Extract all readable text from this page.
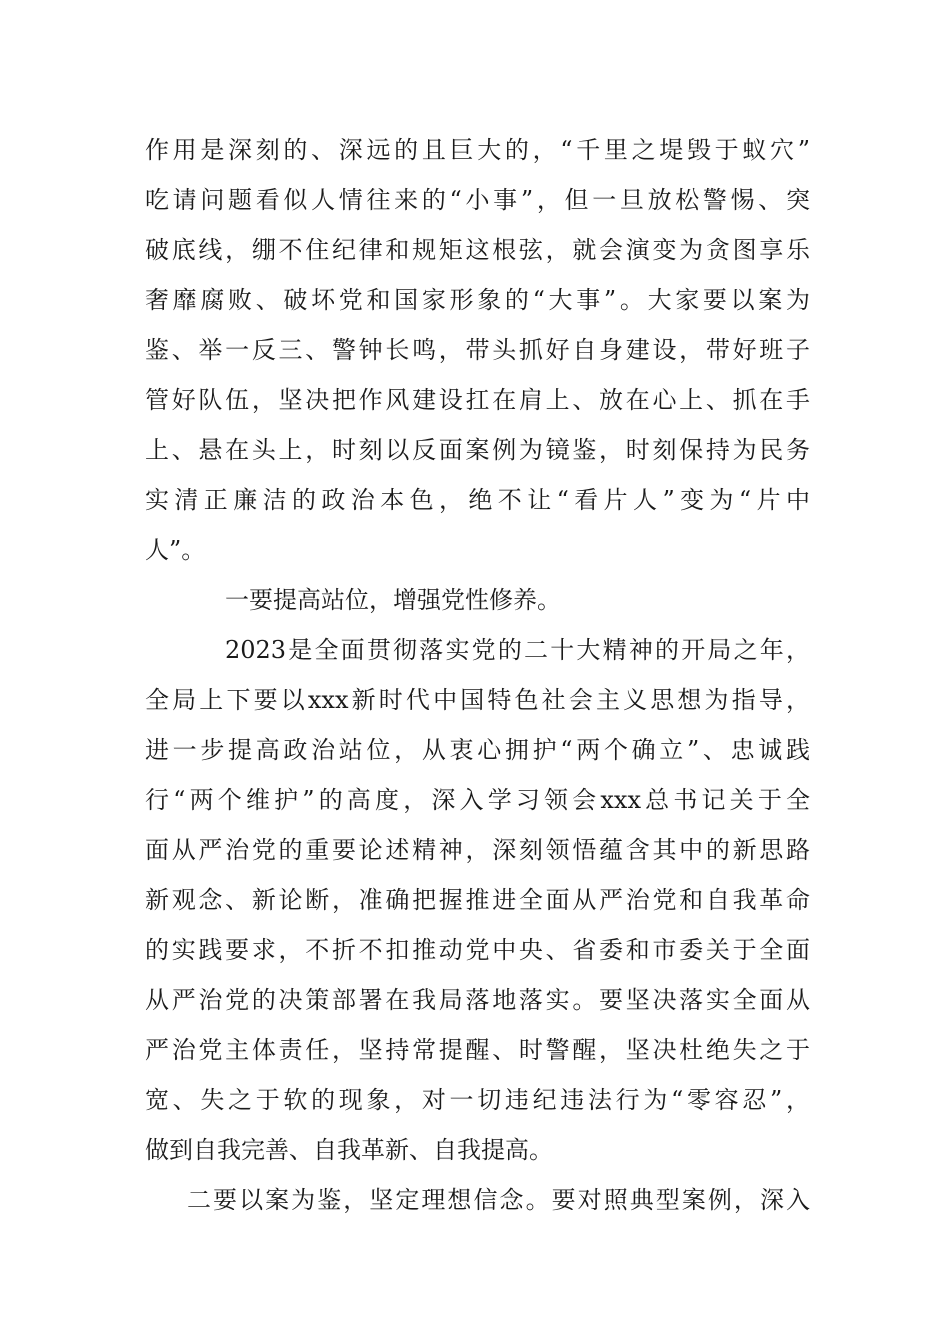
作用是深刻的、深远的且巨大的，“千里之堤毁于蚁穴”
吃请问题看似人情往来的“小事”，但一旦放松警惕、突
破底线，绷不住纪律和规矩这根弦，就会演变为贪图享乐
奢靡腐败、破坏党和国家形象的“大事”。大家要以案为
鉴、举一反三、警钟长鸣，带头抓好自身建设，带好班子
管好队伍，坚决把作风建设扛在肩上、放在心上、抓在手
上、悬在头上，时刻以反面案例为镜鉴，时刻保持为民务
实清正廉洁的政治本色，绝不让“看片人”变为“片中
人”。
一要提高站位，增强党性修养。
2023是全面贯彻落实党的二十大精神的开局之年，
全局上下要以xxx新时代中国特色社会主义思想为指导，
进一步提高政治站位，从衷心拥护“两个确立”、忠诚践
行“两个维护”的高度，深入学习领会xxx总书记关于全
面从严治党的重要论述精神，深刻领悟蕴含其中的新思路
新观念、新论断，准确把握推进全面从严治党和自我革命
的实践要求，不折不扣推动党中央、省委和市委关于全面
从严治党的决策部署在我局落地落实。要坚决落实全面从
严治党主体责任，坚持常提醒、时警醒，坚决杜绝失之于
宽、失之于软的现象，对一切违纪违法行为“零容忍”，
做到自我完善、自我革新、自我提高。
二要以案为鉴，坚定理想信念。要对照典型案例，深入
